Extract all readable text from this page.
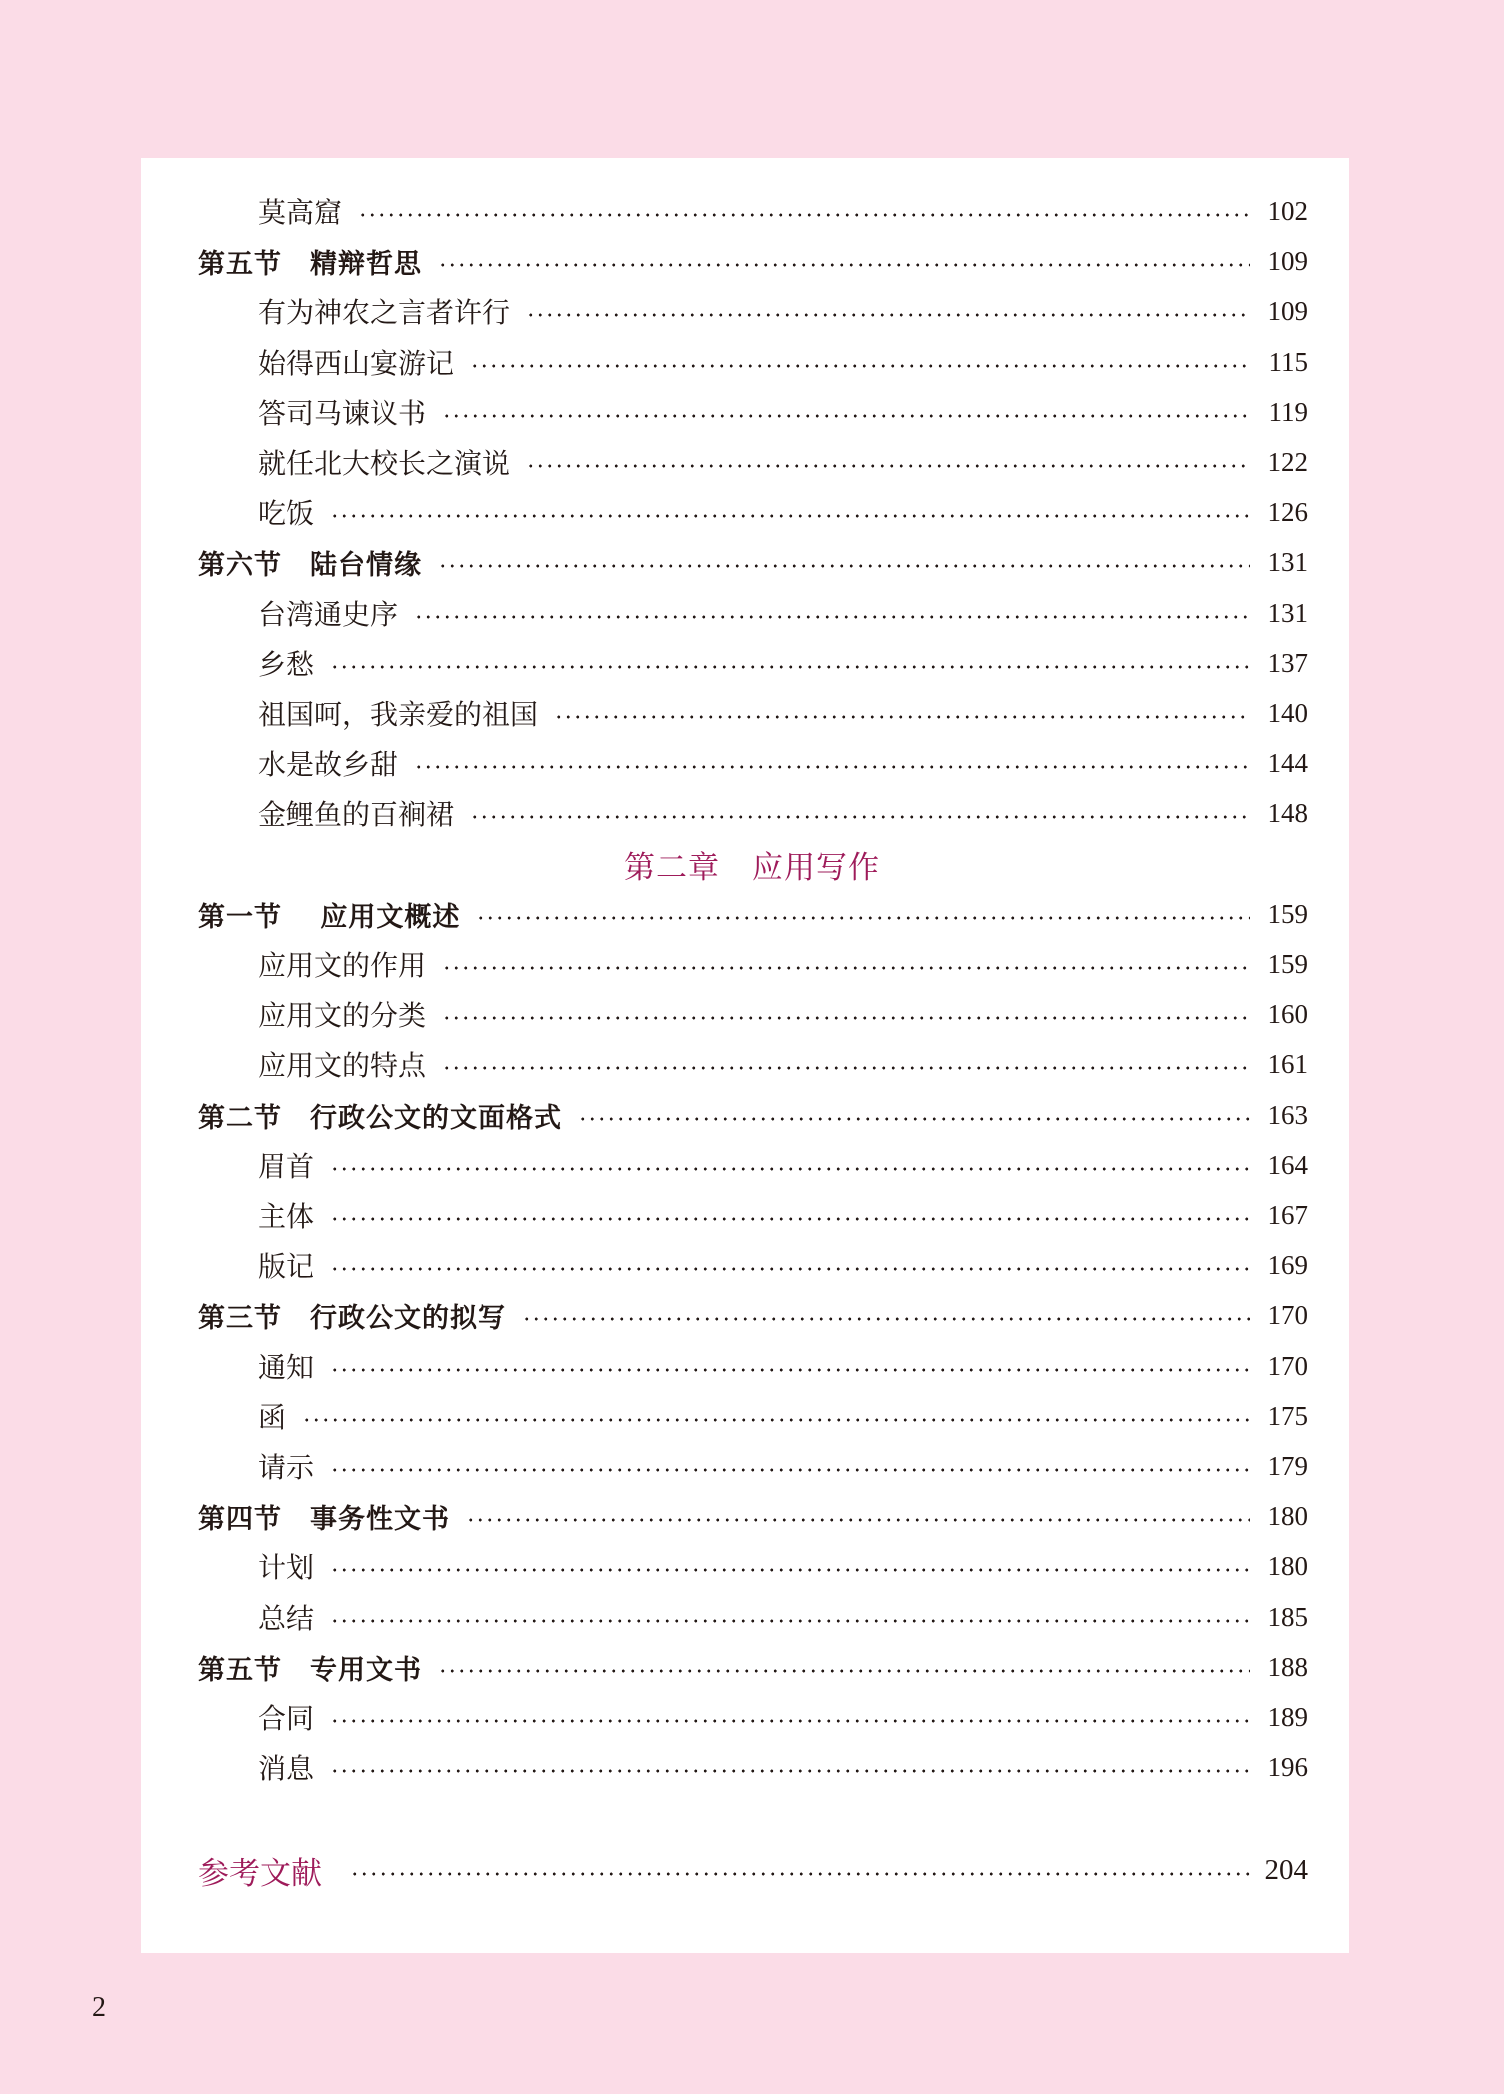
莫高窟	102
第五节　精辩哲思	109
有为神农之言者许行	109
始得西山宴游记	115
答司马谏议书	119
就任北大校长之演说	122
吃饭	126
第六节　陆台情缘	131
台湾通史序	131
乡愁	137
祖国呵，我亲爱的祖国	140
水是故乡甜	144
金鲤鱼的百裥裙	148
第二章　应用写作
第一节　 应用文概述	159
应用文的作用	159
应用文的分类	160
应用文的特点	161
第二节　行政公文的文面格式	163
眉首	164
主体	167
版记	169
第三节　行政公文的拟写	170
通知	170
函	175
请示	179
第四节　事务性文书	180
计划	180
总结	185
第五节　专用文书	188
合同	189
消息	196
参考文献	204
2
